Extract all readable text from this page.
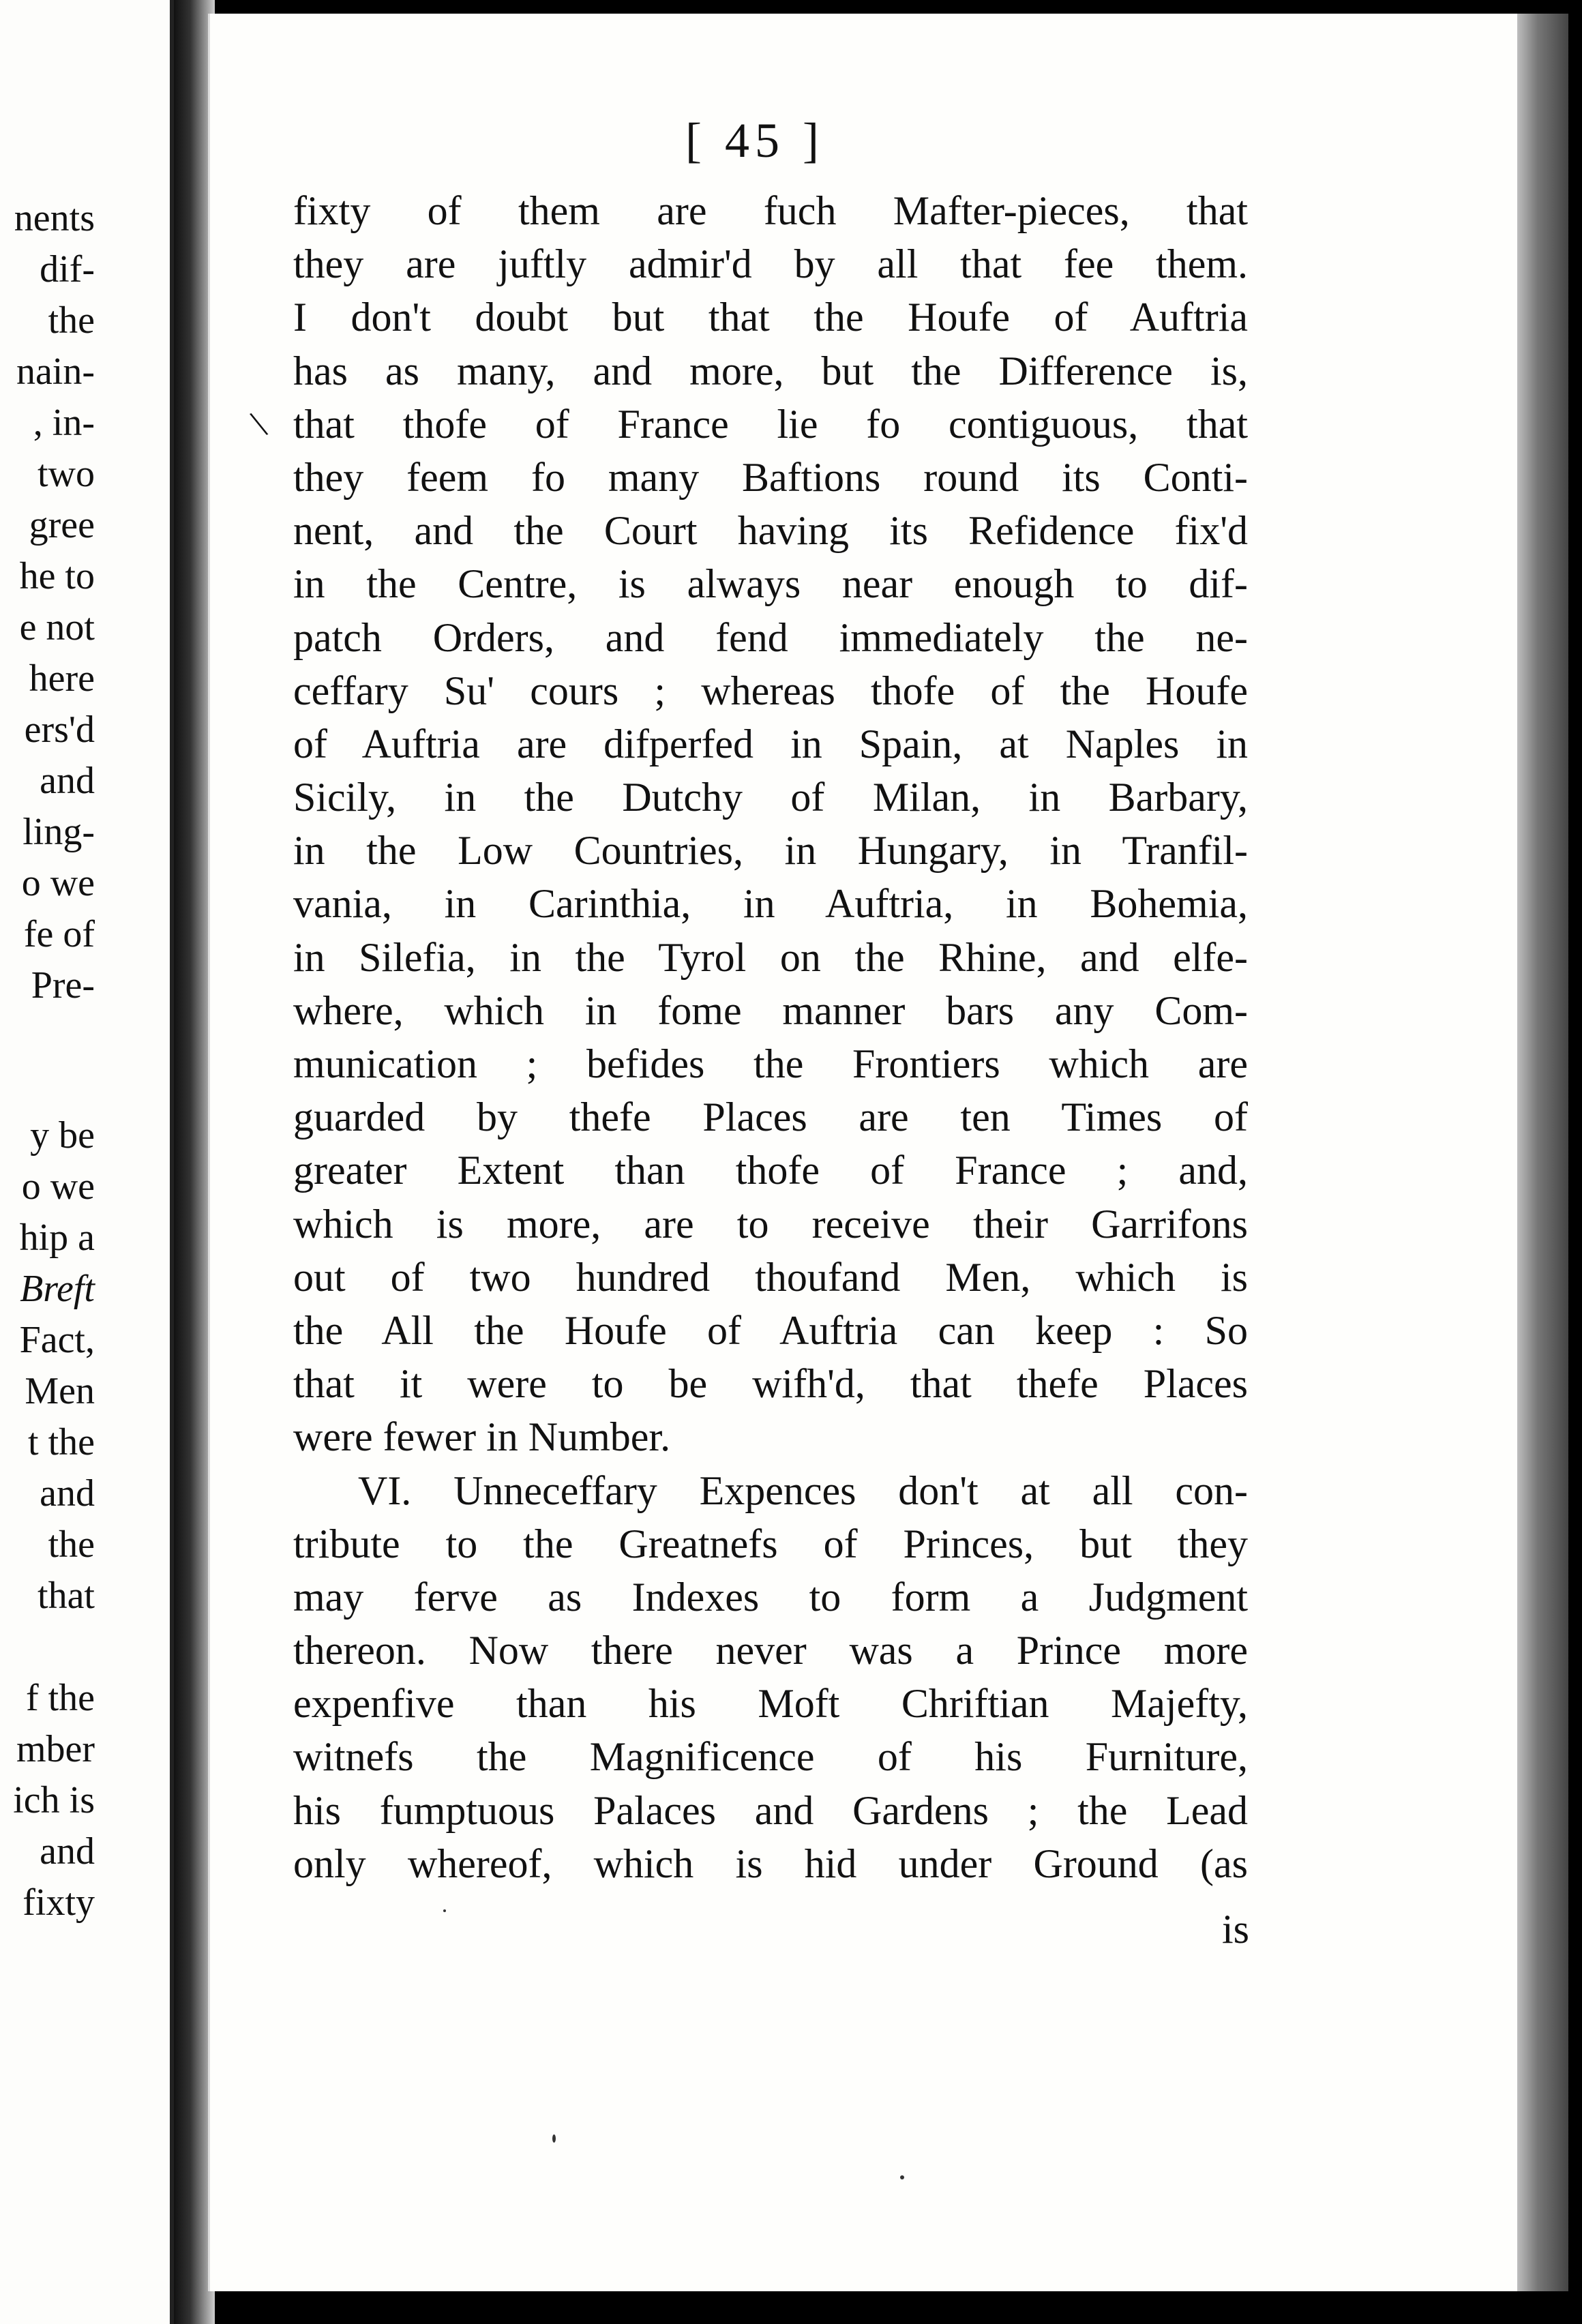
nents
dif-
the
nain-
, in-
two
gree
he to
e not
here
ers'd
and
ling-
o we
fe of
Pre-
y be
o we
hip a
Breft
Fact,
Men
t the
and
the
that
f the
mber
ich is
and
fixty
[ 45 ]
\
fixty of them are fuch Mafter-pieces, that
they are juftly admir'd by all that fee them.
I don't doubt but that the Houfe of Auftria
has as many, and more, but the Difference is,
that thofe of France lie fo contiguous, that
they feem fo many Baftions round its Conti-
nent, and the Court having its Refidence fix'd
in the Centre, is always near enough to dif-
patch Orders, and fend immediately the ne-
ceffary Su' cours ; whereas thofe of the Houfe
of Auftria are difperfed in Spain, at Naples in
Sicily, in the Dutchy of Milan, in Barbary,
in the Low Countries, in Hungary, in Tranfil-
vania, in Carinthia, in Auftria, in Bohemia,
in Silefia, in the Tyrol on the Rhine, and elfe-
where, which in fome manner bars any Com-
munication ; befides the Frontiers which are
guarded by thefe Places are ten Times of
greater Extent than thofe of France ; and,
which is more, are to receive their Garrifons
out of two hundred thoufand Men, which is
the All the Houfe of Auftria can keep : So
that it were to be wifh'd, that thefe Places
were fewer in Number.
VI. Unneceffary Expences don't at all con-
tribute to the Greatnefs of Princes, but they
may ferve as Indexes to form a Judgment
thereon. Now there never was a Prince more
expenfive than his Moft Chriftian Majefty,
witnefs the Magnificence of his Furniture,
his fumptuous Palaces and Gardens ; the Lead
only whereof, which is hid under Ground (as
is
